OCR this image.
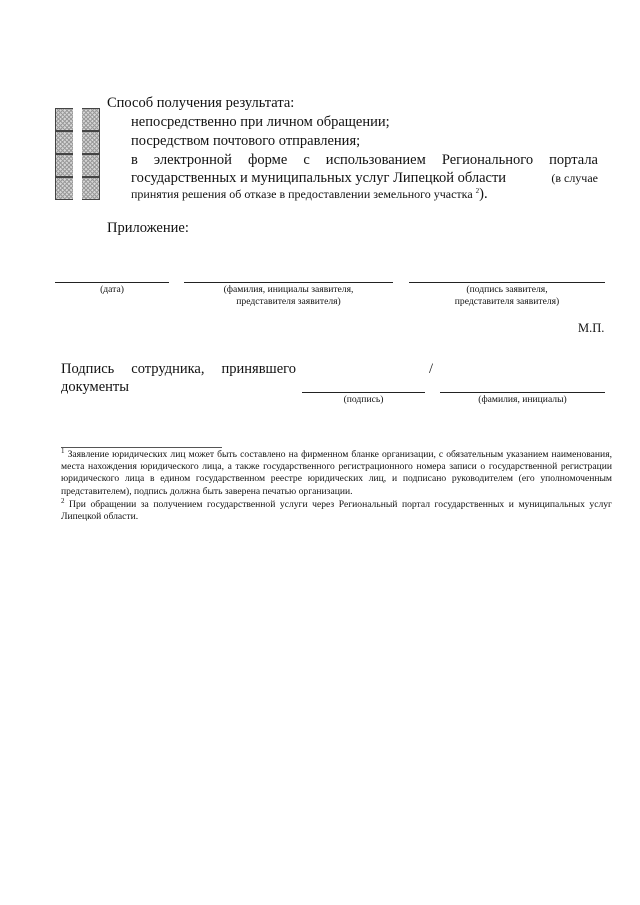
Способ получения результата:
непосредственно при личном обращении;
посредством почтового отправления;
в электронной форме с использованием Регионального портала
государственных и муниципальных услуг Липецкой области	(в случае
принятия решения об отказе в предоставлении земельного участка $^2$).
Приложение:
(дата)	(фамилия, инициалы заявителя,
представителя заявителя)
(подпись заявителя,
представителя заявителя)
М.П.
Подпись сотрудника, принявшего
документы
/
(подпись)	(фамилия, инициалы)
$^1$ Заявление юридических лиц может быть составлено на фирменном бланке организации, с обязательным указанием наименования, места нахождения юридического лица, а также государственного регистрационного номера записи о государственной регистрации юридического лица в едином государственном реестре юридических лиц, и подписано руководителем (его уполномоченным представителем), подпись должна быть заверена печатью организации.
$^2$ При обращении за получением государственной услуги через Региональный портал государственных и муниципальных услуг Липецкой области.
